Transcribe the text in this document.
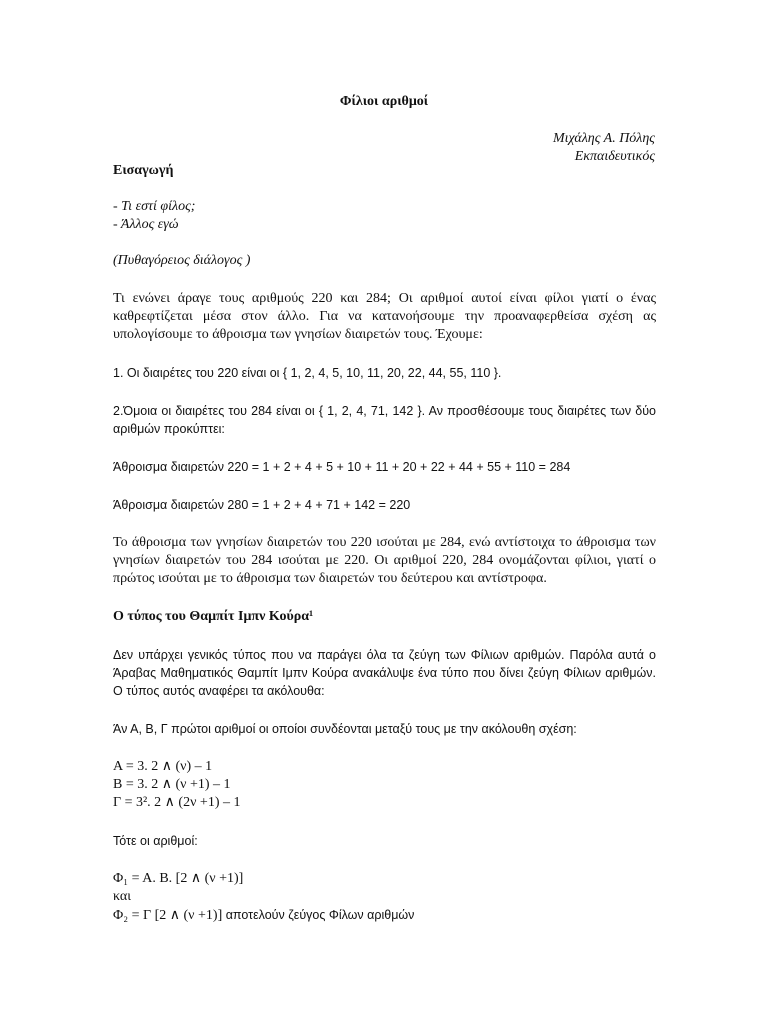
Φίλιοι αριθμοί
Μιχάλης Α. Πόλης
Εκπαιδευτικός

Εισαγωγή

- Τι εστί φίλος;

- Άλλος εγώ

(Πυθαγόρειος διάλογος )

Τι ενώνει άραγε τους αριθμούς 220 και 284; Οι αριθμοί αυτοί είναι φίλοι γιατί ο ένας καθρεφτίζεται μέσα στον άλλο. Για να κατανοήσουμε την προαναφερθείσα σχέση ας υπολογίσουμε το άθροισμα των γνησίων διαιρετών τους. Έχουμε:

1. Οι διαιρέτες του 220 είναι οι { 1, 2, 4, 5, 10, 11, 20, 22, 44, 55, 110 }.

2.Όμοια οι διαιρέτες του 284 είναι οι { 1, 2, 4, 71, 142 }. Αν προσθέσουμε τους διαιρέτες των δύο αριθμών προκύπτει:

Άθροισμα διαιρετών 220 = 1 + 2 + 4 + 5 + 10 + 11 + 20 + 22 + 44 + 55 + 110 = 284

Άθροισμα διαιρετών 280 = 1 + 2 + 4 + 71 + 142 = 220

Το άθροισμα των γνησίων διαιρετών του 220 ισούται με 284, ενώ αντίστοιχα το άθροισμα των γνησίων διαιρετών του 284 ισούται με 220. Οι αριθμοί 220, 284 ονομάζονται φίλιοι, γιατί ο πρώτος ισούται με το άθροισμα των διαιρετών του δεύτερου και αντίστροφα.

Ο τύπος του Θαμπίτ Ιμπν Κούρα¹

Δεν υπάρχει γενικός τύπος που να παράγει όλα τα ζεύγη των Φίλιων αριθμών. Παρόλα αυτά ο Άραβας Μαθηματικός Θαμπίτ Ιμπν Κούρα ανακάλυψε ένα τύπο που δίνει ζεύγη Φίλιων αριθμών. Ο τύπος αυτός αναφέρει τα ακόλουθα:

Άν Α, Β, Γ πρώτοι αριθμοί οι οποίοι συνδέονται μεταξύ τους με την ακόλουθη σχέση:

Α = 3. 2 ∧ (ν) – 1

Β = 3. 2 ∧ (ν +1) – 1

Γ = 3². 2 ∧ (2ν +1) – 1

Τότε οι αριθμοί:

Φ₁ = Α. Β. [2 ∧ (ν +1)]

και

Φ₂ = Γ [2 ∧ (ν +1)] αποτελούν ζεύγος Φίλων αριθμών
